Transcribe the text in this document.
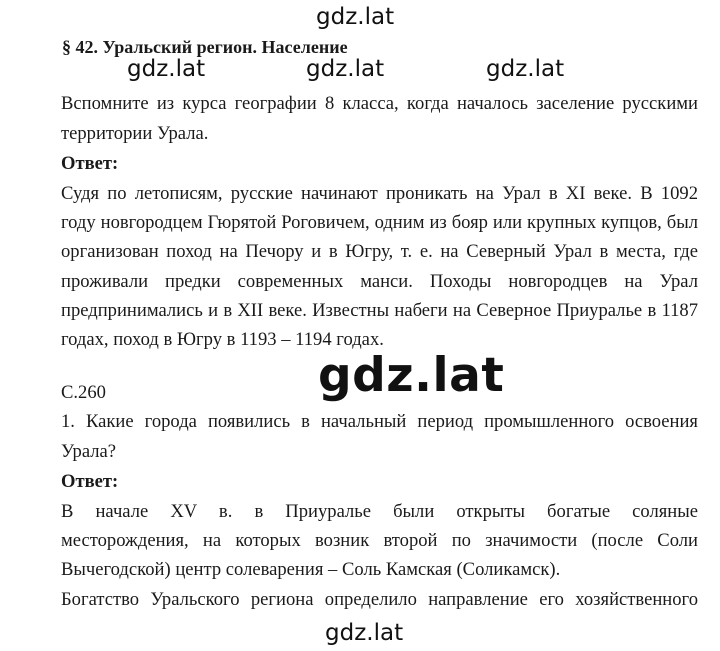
gdz.lat
gdz.lat	gdz.lat	gdz.lat
gdz.lat
gdz.lat
§ 42. Уральский регион. Население
Вспомните из курса географии 8 класса, когда началось заселение русскими
территории Урала.
Ответ:
Судя по летописям, русские начинают проникать на Урал в XI веке. В 1092
году новгородцем Гюрятой Роговичем, одним из бояр или крупных купцов, был
организован поход на Печору и в Югру, т. е. на Северный Урал в места, где
проживали предки современных манси. Походы новгородцев на Урал
предпринимались и в XII веке. Известны набеги на Северное Приуралье в 1187
годах, поход в Югру в 1193 – 1194 годах.
С.260
1. Какие города появились в начальный период промышленного освоения
Урала?
Ответ:
В начале XV в. в Приуралье были открыты богатые соляные
месторождения, на которых возник второй по значимости (после Соли
Вычегодской) центр солеварения – Соль Камская (Соликамск).
Богатство Уральского региона определило направление его хозяйственного
